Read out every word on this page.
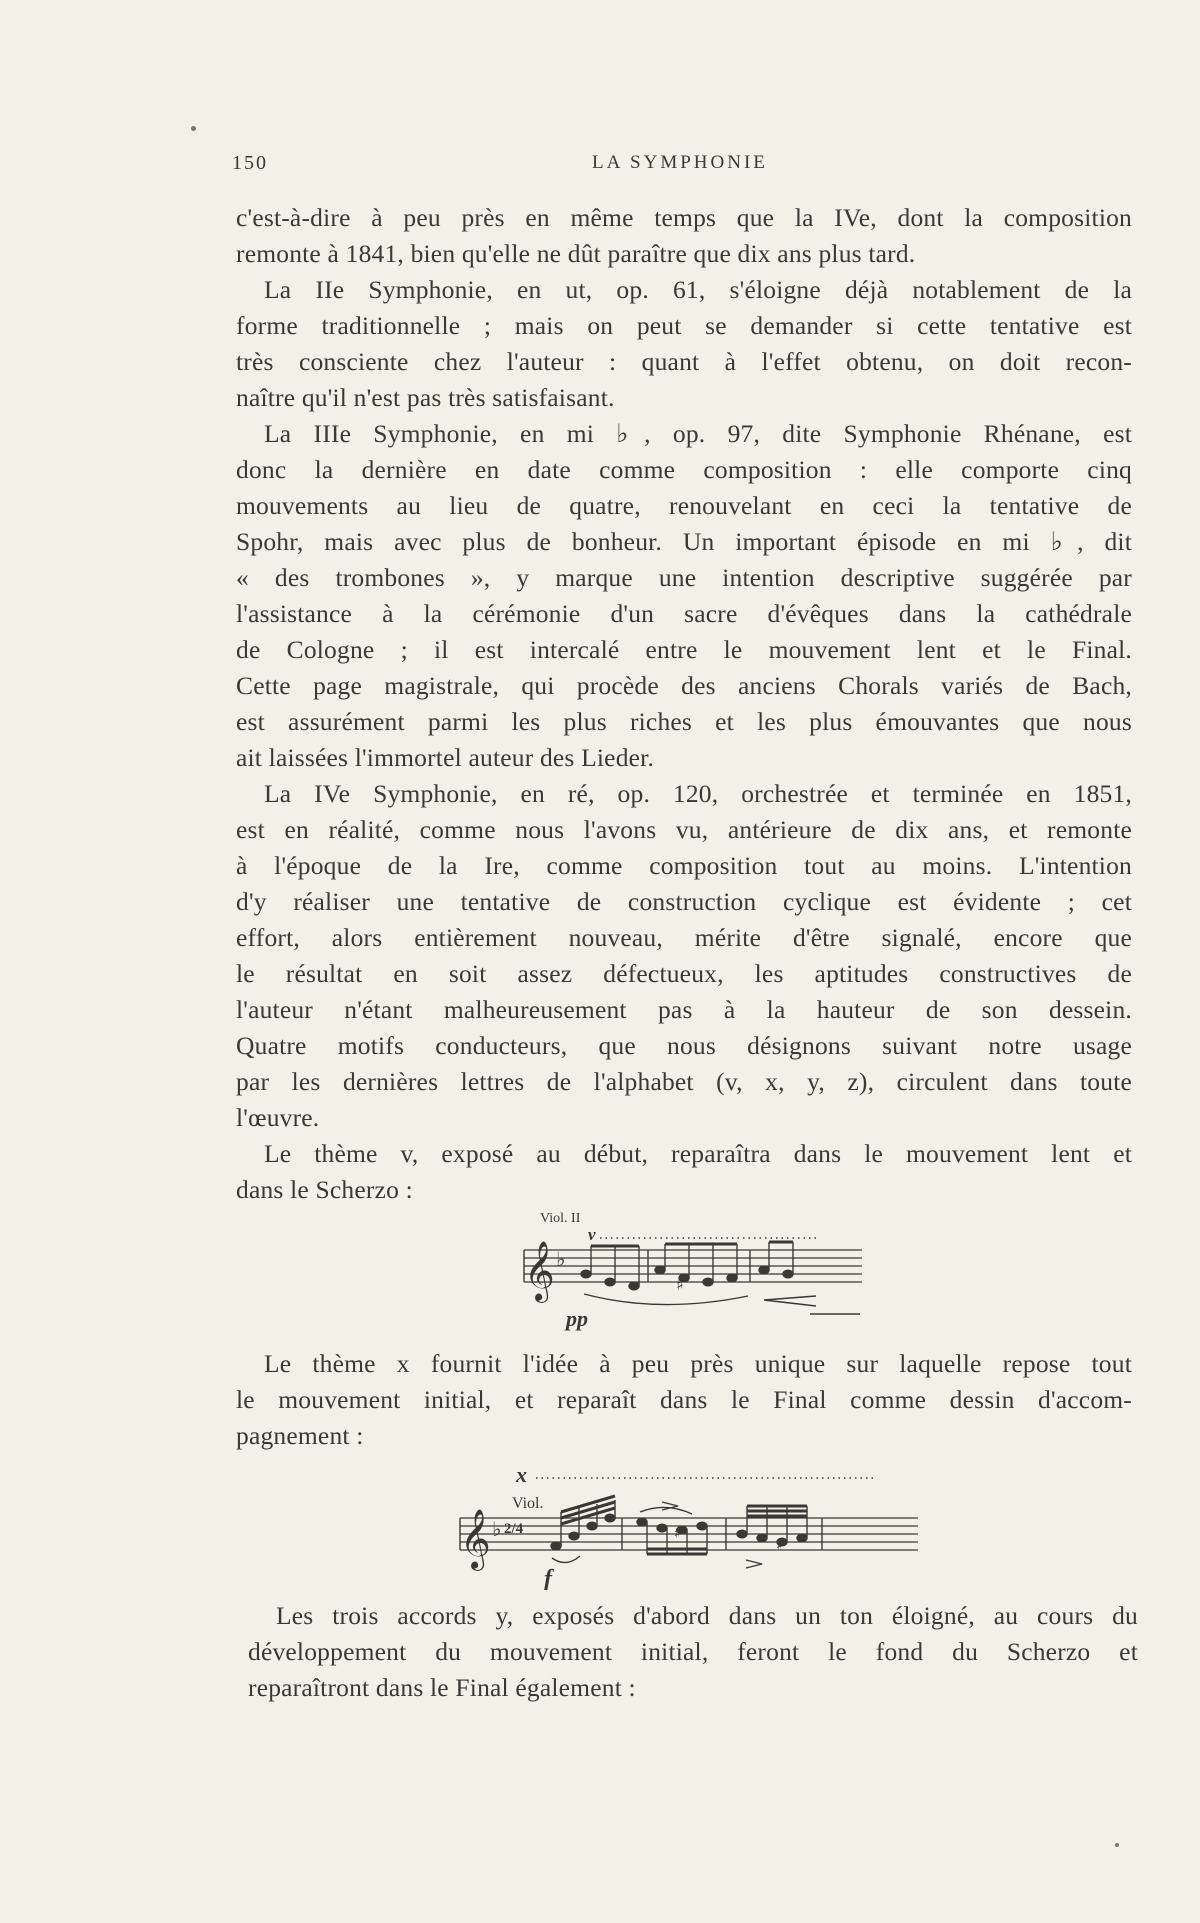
150	LA SYMPHONIE
c'est-à-dire à peu près en même temps que la IVe, dont la composition
remonte à 1841, bien qu'elle ne dût paraître que dix ans plus tard.
La IIe Symphonie, en ut, op. 61, s'éloigne déjà notablement de la
forme traditionnelle ; mais on peut se demander si cette tentative est
très consciente chez l'auteur : quant à l'effet obtenu, on doit recon-
naître qu'il n'est pas très satisfaisant.
La IIIe Symphonie, en mi ♭, op. 97, dite Symphonie Rhénane, est
donc la dernière en date comme composition : elle comporte cinq
mouvements au lieu de quatre, renouvelant en ceci la tentative de
Spohr, mais avec plus de bonheur. Un important épisode en mi ♭, dit
« des trombones », y marque une intention descriptive suggérée par
l'assistance à la cérémonie d'un sacre d'évêques dans la cathédrale
de Cologne ; il est intercalé entre le mouvement lent et le Final.
Cette page magistrale, qui procède des anciens Chorals variés de Bach,
est assurément parmi les plus riches et les plus émouvantes que nous
ait laissées l'immortel auteur des Lieder.
La IVe Symphonie, en ré, op. 120, orchestrée et terminée en 1851,
est en réalité, comme nous l'avons vu, antérieure de dix ans, et remonte
à l'époque de la Ire, comme composition tout au moins. L'intention
d'y réaliser une tentative de construction cyclique est évidente ; cet
effort, alors entièrement nouveau, mérite d'être signalé, encore que
le résultat en soit assez défectueux, les aptitudes constructives de
l'auteur n'étant malheureusement pas à la hauteur de son dessein.
Quatre motifs conducteurs, que nous désignons suivant notre usage
par les dernières lettres de l'alphabet (v, x, y, z), circulent dans toute
l'œuvre.
Le thème v, exposé au début, reparaîtra dans le mouvement lent et
dans le Scherzo :
Viol. II
v
𝄞 ♭
♯
pp
Le thème x fournit l'idée à peu près unique sur laquelle repose tout
le mouvement initial, et reparaît dans le Final comme dessin d'accom-
pagnement :
x
Viol.
𝄞 ♭ 2/4	♯
♯
f
Les trois accords y, exposés d'abord dans un ton éloigné, au cours du
développement du mouvement initial, feront le fond du Scherzo et
reparaîtront dans le Final également :
